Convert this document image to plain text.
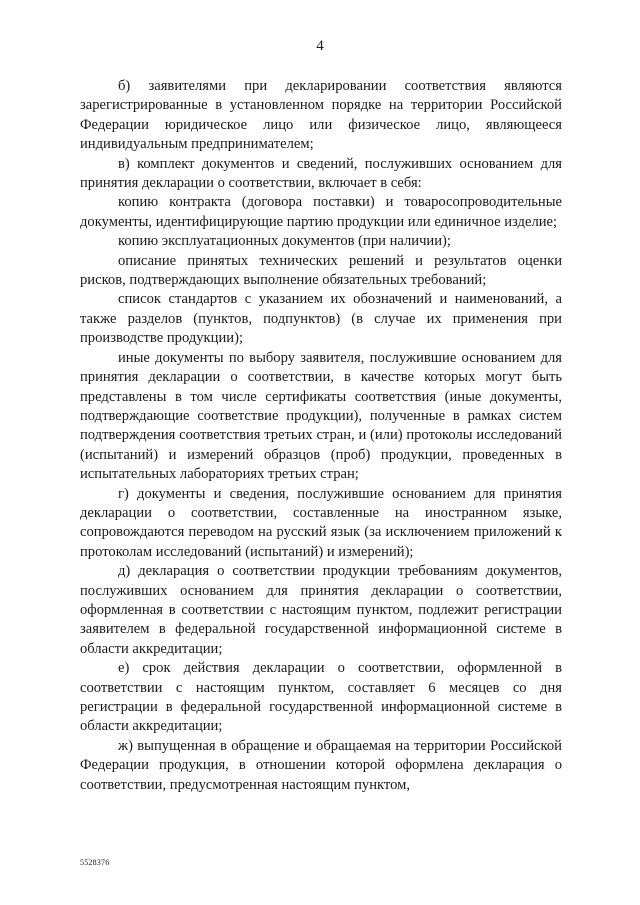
4

б) заявителями при декларировании соответствия являются зарегистрированные в установленном порядке на территории Российской Федерации юридическое лицо или физическое лицо, являющееся индивидуальным предпринимателем;

в) комплект документов и сведений, послуживших основанием для принятия декларации о соответствии, включает в себя:

копию контракта (договора поставки) и товаросопроводительные документы, идентифицирующие партию продукции или единичное изделие;

копию эксплуатационных документов (при наличии);

описание принятых технических решений и результатов оценки рисков, подтверждающих выполнение обязательных требований;

список стандартов с указанием их обозначений и наименований, а также разделов (пунктов, подпунктов) (в случае их применения при производстве продукции);

иные документы по выбору заявителя, послужившие основанием для принятия декларации о соответствии, в качестве которых могут быть представлены в том числе сертификаты соответствия (иные документы, подтверждающие соответствие продукции), полученные в рамках систем подтверждения соответствия третьих стран, и (или) протоколы исследований (испытаний) и измерений образцов (проб) продукции, проведенных в испытательных лабораториях третьих стран;

г) документы и сведения, послужившие основанием для принятия декларации о соответствии, составленные на иностранном языке, сопровождаются переводом на русский язык (за исключением приложений к протоколам исследований (испытаний) и измерений);

д) декларация о соответствии продукции требованиям документов, послуживших основанием для принятия декларации о соответствии, оформленная в соответствии с настоящим пунктом, подлежит регистрации заявителем в федеральной государственной информационной системе в области аккредитации;

е) срок действия декларации о соответствии, оформленной в соответствии с настоящим пунктом, составляет 6 месяцев со дня регистрации в федеральной государственной информационной системе в области аккредитации;

ж) выпущенная в обращение и обращаемая на территории Российской Федерации продукция, в отношении которой оформлена декларация о соответствии, предусмотренная настоящим пунктом,

5528376
